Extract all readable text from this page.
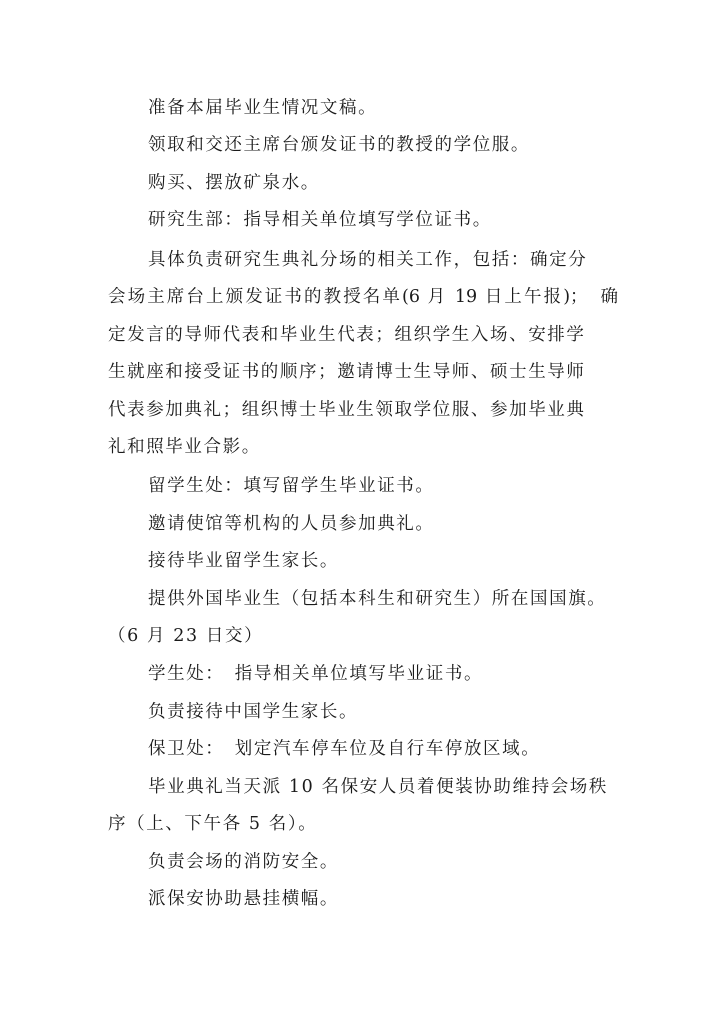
准备本届毕业生情况文稿。
领取和交还主席台颁发证书的教授的学位服。
购买、摆放矿泉水。
研究生部：指导相关单位填写学位证书。
具体负责研究生典礼分场的相关工作，包括：确定分
会场主席台上颁发证书的教授名单(6 月 19 日上午报)；　确
定发言的导师代表和毕业生代表；组织学生入场、安排学
生就座和接受证书的顺序；邀请博士生导师、硕士生导师
代表参加典礼；组织博士毕业生领取学位服、参加毕业典
礼和照毕业合影。
留学生处：填写留学生毕业证书。
邀请使馆等机构的人员参加典礼。
接待毕业留学生家长。
提供外国毕业生（包括本科生和研究生）所在国国旗。
（6 月 23 日交）
学生处：　指导相关单位填写毕业证书。
负责接待中国学生家长。
保卫处：　划定汽车停车位及自行车停放区域。
毕业典礼当天派 10 名保安人员着便装协助维持会场秩
序（上、下午各 5 名）。
负责会场的消防安全。
派保安协助悬挂横幅。
